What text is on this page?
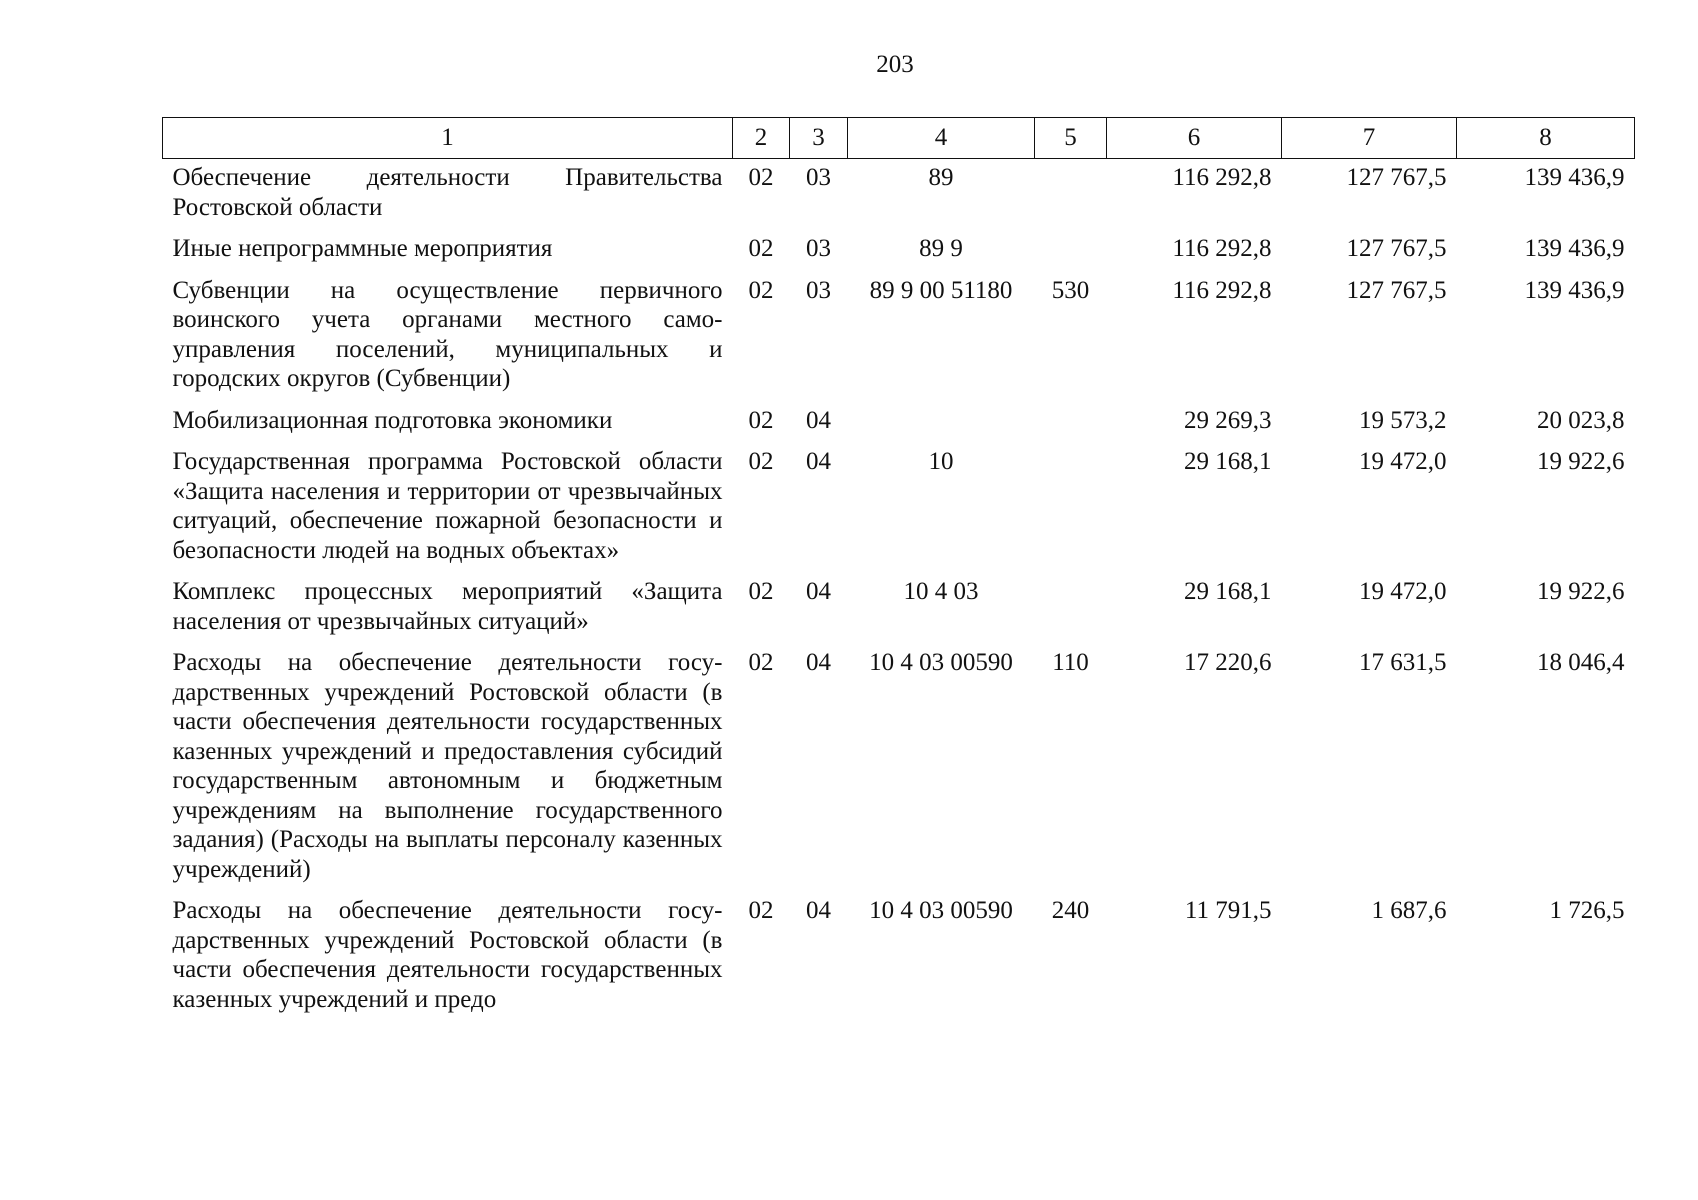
203
1	2	3	4	5	6	7	8
Обеспечение деятельности Правительства Ростовской области	02	03	89		116 292,8	127 767,5	139 436,9
Иные непрограммные мероприятия	02	03	89 9		116 292,8	127 767,5	139 436,9
Субвенции на осуществление первичного воинского учета органами местного самоуправления поселений, муниципальных и городских округов (Субвенции)	02	03	89 9 00 51180	530	116 292,8	127 767,5	139 436,9
Мобилизационная подготовка экономики	02	04			29 269,3	19 573,2	20 023,8
Государственная программа Ростовской области «Защита населения и территории от чрезвычайных ситуаций, обеспечение пожарной безопасности и безопасности людей на водных объектах»	02	04	10		29 168,1	19 472,0	19 922,6
Комплекс процессных мероприятий «Защита населения от чрезвычайных ситуаций»	02	04	10 4 03		29 168,1	19 472,0	19 922,6
Расходы на обеспечение деятельности государственных учреждений Ростовской области (в части обеспечения деятельности государственных казенных учреждений и предоставления субсидий государственным автономным и бюджетным учреждениям на выполнение государственного задания) (Расходы на выплаты персоналу казенных учреждений)	02	04	10 4 03 00590	110	17 220,6	17 631,5	18 046,4
Расходы на обеспечение деятельности государственных учреждений Ростовской области (в части обеспечения деятельности государственных казенных учреждений и предо	02	04	10 4 03 00590	240	11 791,5	1 687,6	1 726,5
